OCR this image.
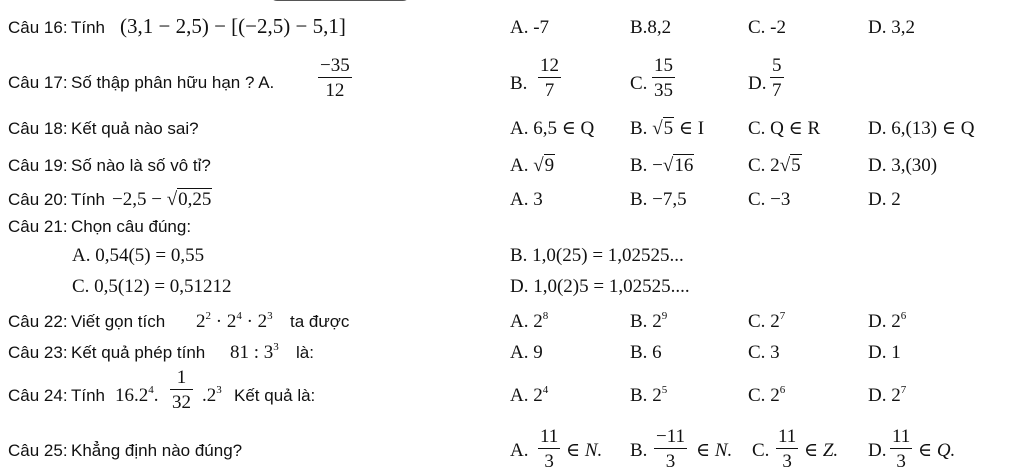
Câu 16: Tính (3,1 − 2,5) − [(−2,5) − 5,1]	A. -7	B.8,2	C. -2	D. 3,2
Câu 17: Số thập phân hữu hạn ? A. $\frac{-35}{12}$	B. $\frac{12}{7}$	C. $\frac{15}{35}$	D. $\frac{5}{7}$
Câu 18: Kết quả nào sai?	A. 6,5 ∈ Q B. √5 ∈ I C. Q ∈ R	D. 6,(13) ∈ Q
Câu 19: Số nào là số vô tỉ?	A. √9	B. −√16	C. 2√5	D. 3,(30)
Câu 20: Tính −2,5 − √0,25	A. 3	B. −7,5	C. −3	D. 2
Câu 21: Chọn câu đúng:
A. 0,54(5) = 0,55	B. 1,0(25) = 1,02525...
C. 0,5(12) = 0,51212	D. 1,0(2)5 = 1,02525....
Câu 22: Viết gọn tích $2^2 \cdot 2^4 \cdot 2^3$ ta được	A. $2^8$	B. $2^9$	C. $2^7$	D. $2^6$
Câu 23: Kết quả phép tính 81 : $3^3$ là:	A. 9	B. 6	C. 3	D. 1
Câu 24: Tính 16.2$^4$. $\frac{1}{32} .2^3$ Kết quả là:	A. $2^4$	B. $2^5$	C. $2^6$	D. $2^7$
Câu 25: Khẳng định nào đúng?	A. $\frac{11}{3}$ ∈ N. B. $\frac{-11}{3}$ ∈ N. C. $\frac{11}{3}$ ∈ Z. D. $\frac{11}{3}$ ∈ Q.
